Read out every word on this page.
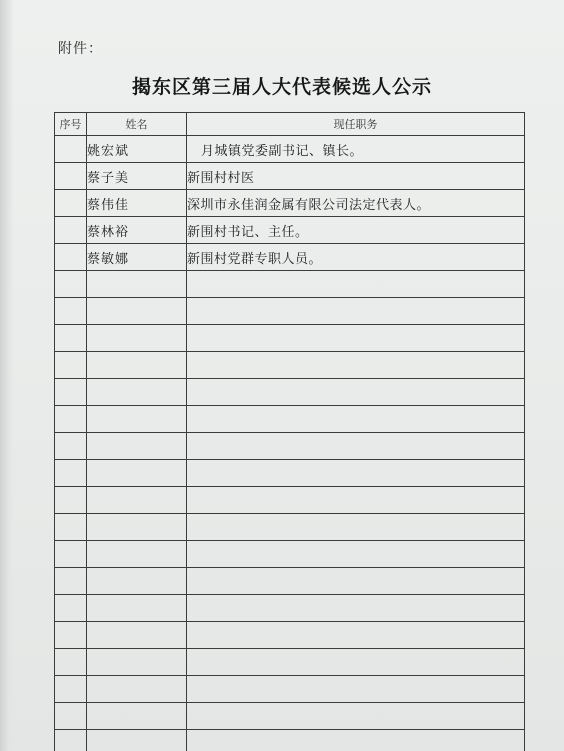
附件：
揭东区第三届人大代表候选人公示
序号	姓名	现任职务
	姚宏斌	月城镇党委副书记、镇长。
	蔡子美	新围村村医
	蔡伟佳	深圳市永佳润金属有限公司法定代表人。
	蔡林裕	新围村书记、主任。
	蔡敏娜	新围村党群专职人员。
